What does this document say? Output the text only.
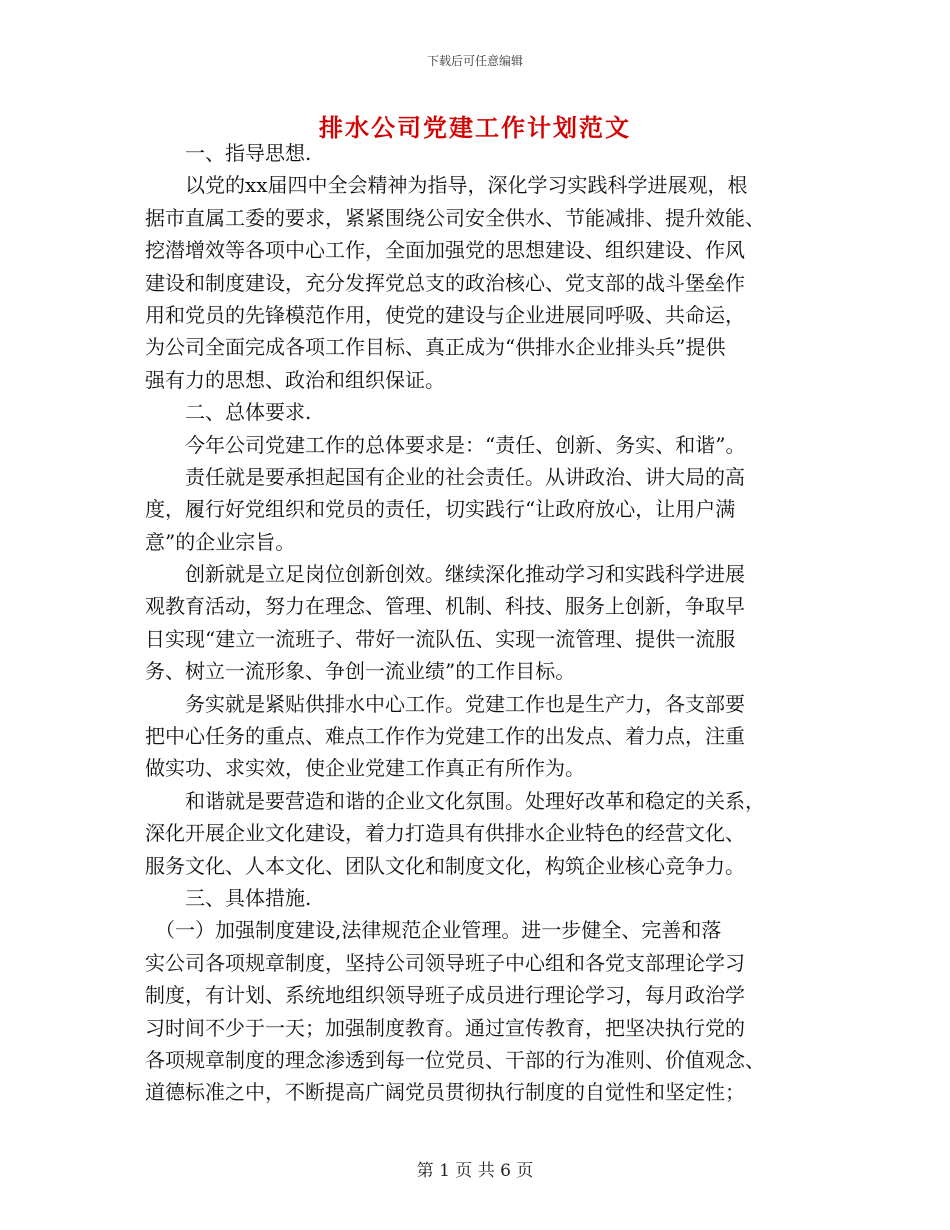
下载后可任意编辑
排水公司党建工作计划范文
　　一、指导思想.
　　以党的xx届四中全会精神为指导，深化学习实践科学进展观，根
据市直属工委的要求，紧紧围绕公司安全供水、节能减排、提升效能、
挖潜增效等各项中心工作，全面加强党的思想建设、组织建设、作风
建设和制度建设，充分发挥党总支的政治核心、党支部的战斗堡垒作
用和党员的先锋模范作用，使党的建设与企业进展同呼吸、共命运，
为公司全面完成各项工作目标、真正成为“供排水企业排头兵”提供
强有力的思想、政治和组织保证。
　　二、总体要求.
　　今年公司党建工作的总体要求是：“责任、创新、务实、和谐”。
　　责任就是要承担起国有企业的社会责任。从讲政治、讲大局的高
度，履行好党组织和党员的责任，切实践行“让政府放心，让用户满
意”的企业宗旨。
　　创新就是立足岗位创新创效。继续深化推动学习和实践科学进展
观教育活动，努力在理念、管理、机制、科技、服务上创新，争取早
日实现“建立一流班子、带好一流队伍、实现一流管理、提供一流服
务、树立一流形象、争创一流业绩”的工作目标。
　　务实就是紧贴供排水中心工作。党建工作也是生产力，各支部要
把中心任务的重点、难点工作作为党建工作的出发点、着力点，注重
做实功、求实效，使企业党建工作真正有所作为。
　　和谐就是要营造和谐的企业文化氛围。处理好改革和稳定的关系，
深化开展企业文化建设，着力打造具有供排水企业特色的经营文化、
服务文化、人本文化、团队文化和制度文化，构筑企业核心竞争力。
　　三、具体措施.
　（一）加强制度建设,法律规范企业管理。进一步健全、完善和落
实公司各项规章制度，坚持公司领导班子中心组和各党支部理论学习
制度，有计划、系统地组织领导班子成员进行理论学习，每月政治学
习时间不少于一天；加强制度教育。通过宣传教育，把坚决执行党的
各项规章制度的理念渗透到每一位党员、干部的行为准则、价值观念、
道德标准之中，不断提高广阔党员贯彻执行制度的自觉性和坚定性；
第 1 页 共 6 页
